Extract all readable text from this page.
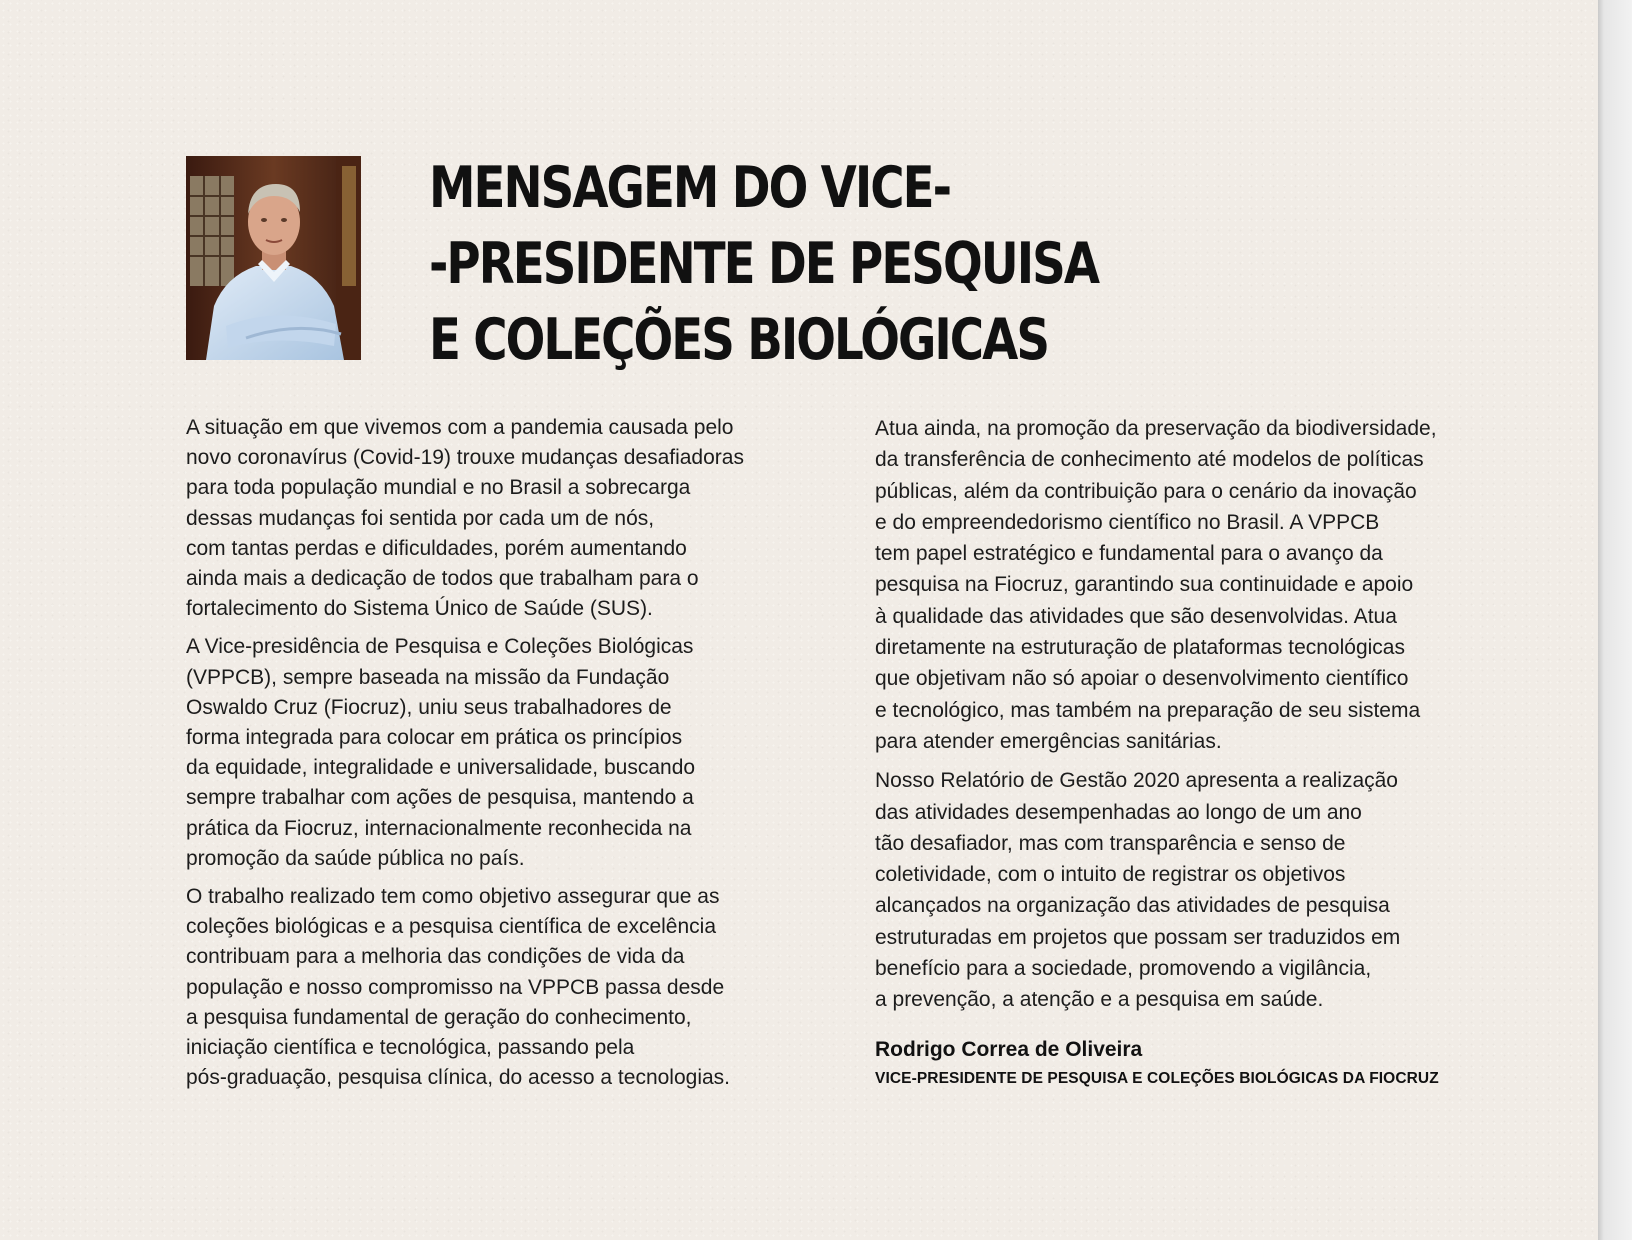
MENSAGEM DO VICE-
-PRESIDENTE DE PESQUISA
E COLEÇÕES BIOLÓGICAS

A situação em que vivemos com a pandemia causada pelo
novo coronavírus (Covid-19) trouxe mudanças desafiadoras
para toda população mundial e no Brasil a sobrecarga
dessas mudanças foi sentida por cada um de nós,
com tantas perdas e dificuldades, porém aumentando
ainda mais a dedicação de todos que trabalham para o
fortalecimento do Sistema Único de Saúde (SUS).

A Vice-presidência de Pesquisa e Coleções Biológicas
(VPPCB), sempre baseada na missão da Fundação
Oswaldo Cruz (Fiocruz), uniu seus trabalhadores de
forma integrada para colocar em prática os princípios
da equidade, integralidade e universalidade, buscando
sempre trabalhar com ações de pesquisa, mantendo a
prática da Fiocruz, internacionalmente reconhecida na
promoção da saúde pública no país.

O trabalho realizado tem como objetivo assegurar que as
coleções biológicas e a pesquisa científica de excelência
contribuam para a melhoria das condições de vida da
população e nosso compromisso na VPPCB passa desde
a pesquisa fundamental de geração do conhecimento,
iniciação científica e tecnológica, passando pela
pós-graduação, pesquisa clínica, do acesso a tecnologias.

Atua ainda, na promoção da preservação da biodiversidade,
da transferência de conhecimento até modelos de políticas
públicas, além da contribuição para o cenário da inovação
e do empreendedorismo científico no Brasil. A VPPCB
tem papel estratégico e fundamental para o avanço da
pesquisa na Fiocruz, garantindo sua continuidade e apoio
à qualidade das atividades que são desenvolvidas. Atua
diretamente na estruturação de plataformas tecnológicas
que objetivam não só apoiar o desenvolvimento científico
e tecnológico, mas também na preparação de seu sistema
para atender emergências sanitárias.

Nosso Relatório de Gestão 2020 apresenta a realização
das atividades desempenhadas ao longo de um ano
tão desafiador, mas com transparência e senso de
coletividade, com o intuito de registrar os objetivos
alcançados na organização das atividades de pesquisa
estruturadas em projetos que possam ser traduzidos em
benefício para a sociedade, promovendo a vigilância,
a prevenção, a atenção e a pesquisa em saúde.

Rodrigo Correa de Oliveira
VICE-PRESIDENTE DE PESQUISA E COLEÇÕES BIOLÓGICAS DA FIOCRUZ
